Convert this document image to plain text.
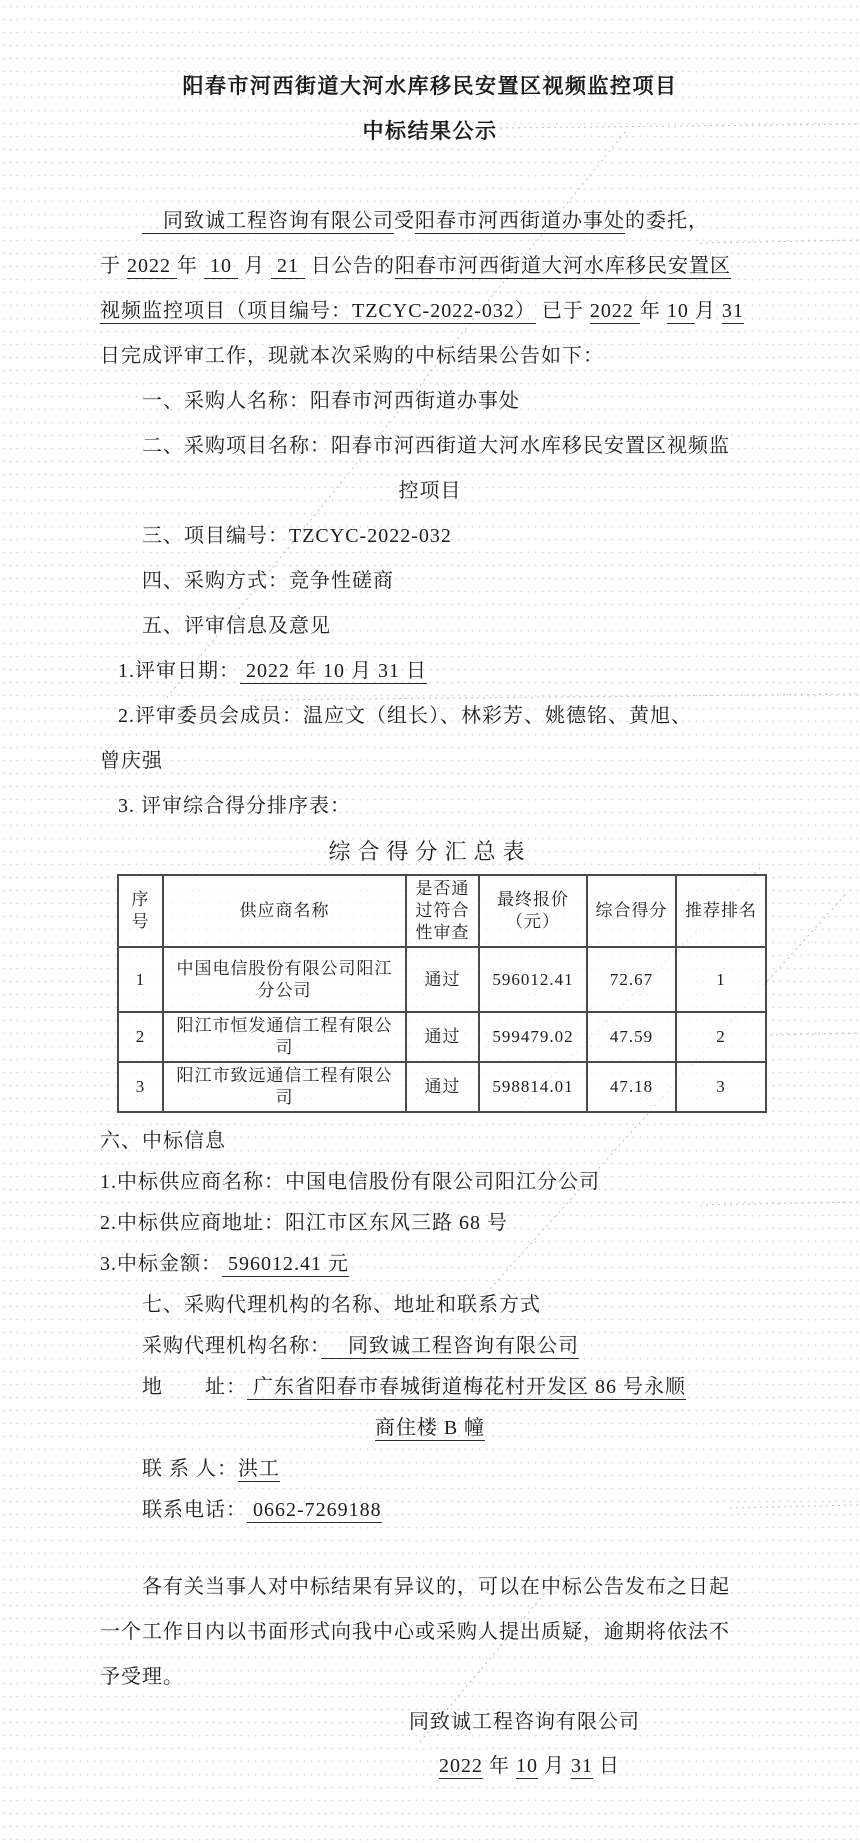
阳春市河西街道大河水库移民安置区视频监控项目
中标结果公示
　同致诚工程咨询有限公司受阳春市河西街道办事处的委托，
于 2022 年  10  月  21  日公告的阳春市河西街道大河水库移民安置区
视频监控项目（项目编号：TZCYC-2022-032） 已于 2022 年 10 月 31
日完成评审工作，现就本次采购的中标结果公告如下：
一、采购人名称：阳春市河西街道办事处
二、采购项目名称：阳春市河西街道大河水库移民安置区视频监
控项目
三、项目编号：TZCYC-2022-032
四、采购方式：竞争性磋商
五、评审信息及意见
1.评审日期： 2022 年 10 月 31 日
2.评审委员会成员：温应文（组长）、林彩芳、姚德铭、黄旭、
曾庆强
3. 评审综合得分排序表：
综合得分汇总表
序号	供应商名称	是否通过符合性审查	最终报价（元）	综合得分	推荐排名
1	中国电信股份有限公司阳江分公司	通过	596012.41	72.67	1
2	阳江市恒发通信工程有限公司	通过	599479.02	47.59	2
3	阳江市致远通信工程有限公司	通过	598814.01	47.18	3
六、中标信息
1.中标供应商名称：中国电信股份有限公司阳江分公司
2.中标供应商地址：阳江市区东风三路 68 号
3.中标金额： 596012.41 元
七、采购代理机构的名称、地址和联系方式
采购代理机构名称：　 同致诚工程咨询有限公司
地　　址： 广东省阳春市春城街道梅花村开发区 86 号永顺
商住楼 B 幢
联 系 人：洪工
联系电话： 0662-7269188
各有关当事人对中标结果有异议的，可以在中标公告发布之日起
一个工作日内以书面形式向我中心或采购人提出质疑，逾期将依法不
予受理。
同致诚工程咨询有限公司
2022 年 10 月 31 日
